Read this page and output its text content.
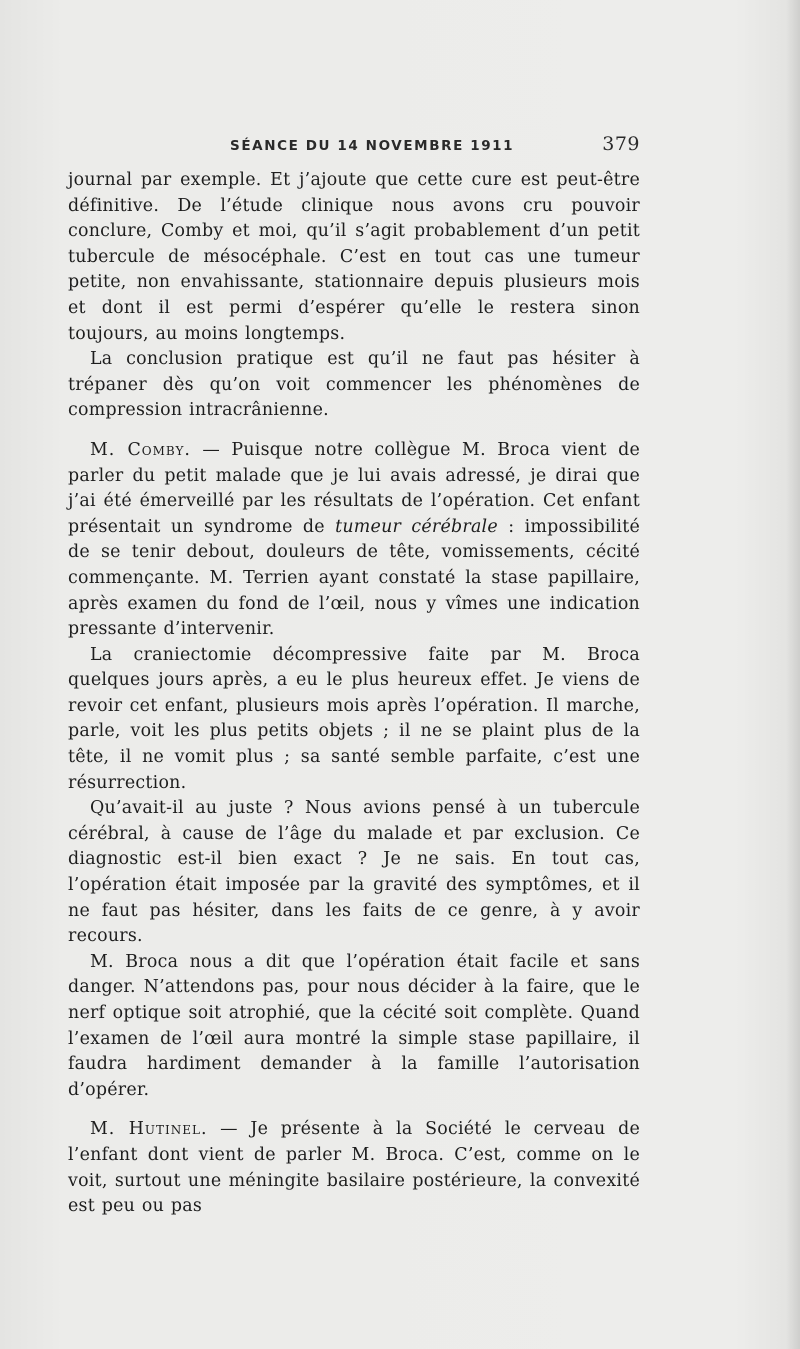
SÉANCE DU 14 NOVEMBRE 1911	379

journal par exemple. Et j’ajoute que cette cure est peut-être définitive. De l’étude clinique nous avons cru pouvoir conclure, Comby et moi, qu’il s’agit probablement d’un petit tubercule de mésocéphale. C’est en tout cas une tumeur petite, non envahissante, stationnaire depuis plusieurs mois et dont il est permi d’espérer qu’elle le restera sinon toujours, au moins longtemps.

La conclusion pratique est qu’il ne faut pas hésiter à trépaner dès qu’on voit commencer les phénomènes de compression intracrânienne.

M. Comby. — Puisque notre collègue M. Broca vient de parler du petit malade que je lui avais adressé, je dirai que j’ai été émerveillé par les résultats de l’opération. Cet enfant présentait un syndrome de tumeur cérébrale : impossibilité de se tenir debout, douleurs de tête, vomissements, cécité commençante. M. Terrien ayant constaté la stase papillaire, après examen du fond de l’œil, nous y vîmes une indication pressante d’intervenir.

La craniectomie décompressive faite par M. Broca quelques jours après, a eu le plus heureux effet. Je viens de revoir cet enfant, plusieurs mois après l’opération. Il marche, parle, voit les plus petits objets ; il ne se plaint plus de la tête, il ne vomit plus ; sa santé semble parfaite, c’est une résurrection.

Qu’avait-il au juste ? Nous avions pensé à un tubercule cérébral, à cause de l’âge du malade et par exclusion. Ce diagnostic est-il bien exact ? Je ne sais. En tout cas, l’opération était imposée par la gravité des symptômes, et il ne faut pas hésiter, dans les faits de ce genre, à y avoir recours.

M. Broca nous a dit que l’opération était facile et sans danger. N’attendons pas, pour nous décider à la faire, que le nerf optique soit atrophié, que la cécité soit complète. Quand l’examen de l’œil aura montré la simple stase papillaire, il faudra hardiment demander à la famille l’autorisation d’opérer.

M. Hutinel. — Je présente à la Société le cerveau de l’enfant dont vient de parler M. Broca. C’est, comme on le voit, surtout une méningite basilaire postérieure, la convexité est peu ou pas
